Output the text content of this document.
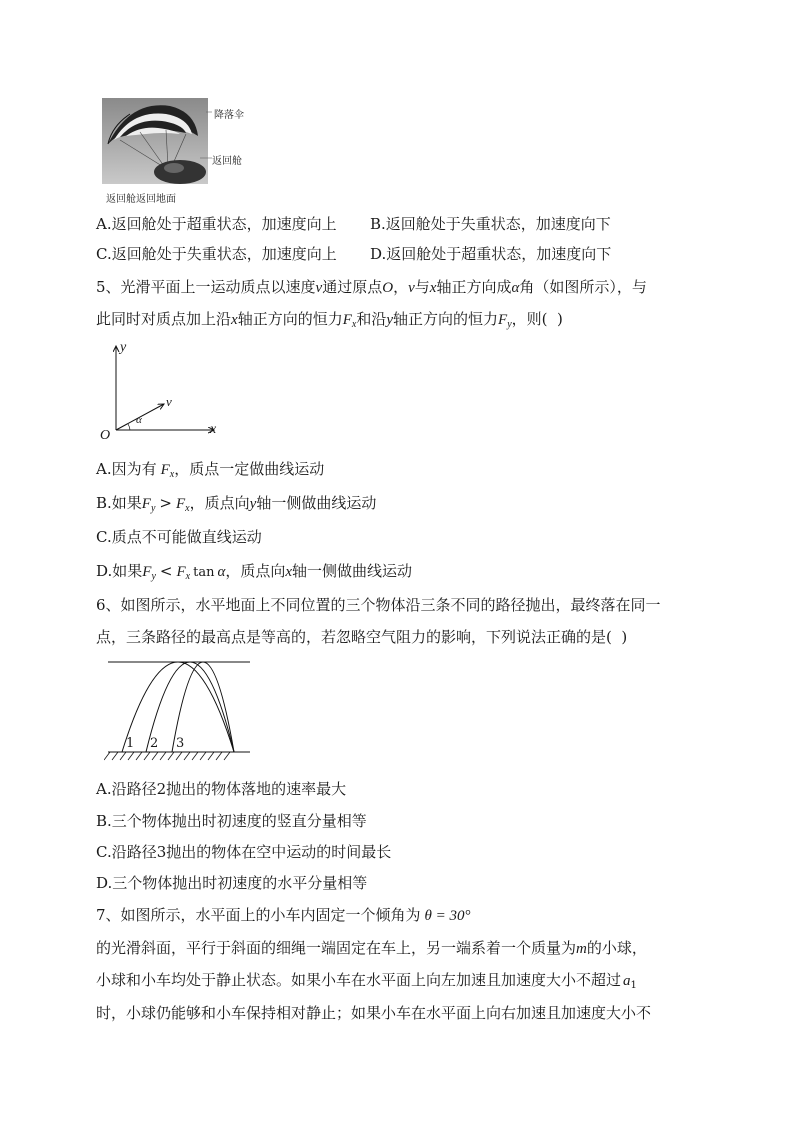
降落伞
返回舱
返回舱返回地面
A.返回舱处于超重状态，加速度向上 B.返回舱处于失重状态，加速度向下
C.返回舱处于失重状态，加速度向上 D.返回舱处于超重状态，加速度向下
5、光滑平面上一运动质点以速度v通过原点O，v与x轴正方向成α角（如图所示），与
此同时对质点加上沿x轴正方向的恒力$F_x$和沿y轴正方向的恒力$F_y$，则(  )
y
x
O
v
α
A.因为有 $F_x$，质点一定做曲线运动
B.如果$F_y > F_x$，质点向y轴一侧做曲线运动
C.质点不可能做直线运动
D.如果$F_y < F_x$ tan α，质点向x轴一侧做曲线运动
6、如图所示，水平地面上不同位置的三个物体沿三条不同的路径抛出，最终落在同一
点，三条路径的最高点是等高的，若忽略空气阻力的影响，下列说法正确的是(  )
1 2 3
A.沿路径2抛出的物体落地的速率最大
B.三个物体抛出时初速度的竖直分量相等
C.沿路径3抛出的物体在空中运动的时间最长
D.三个物体抛出时初速度的水平分量相等
7、如图所示，水平面上的小车内固定一个倾角为 θ = 30°
的光滑斜面，平行于斜面的细绳一端固定在车上，另一端系着一个质量为m的小球，
小球和小车均处于静止状态。如果小车在水平面上向左加速且加速度大小不超过 $a_1$
时，小球仍能够和小车保持相对静止；如果小车在水平面上向右加速且加速度大小不
